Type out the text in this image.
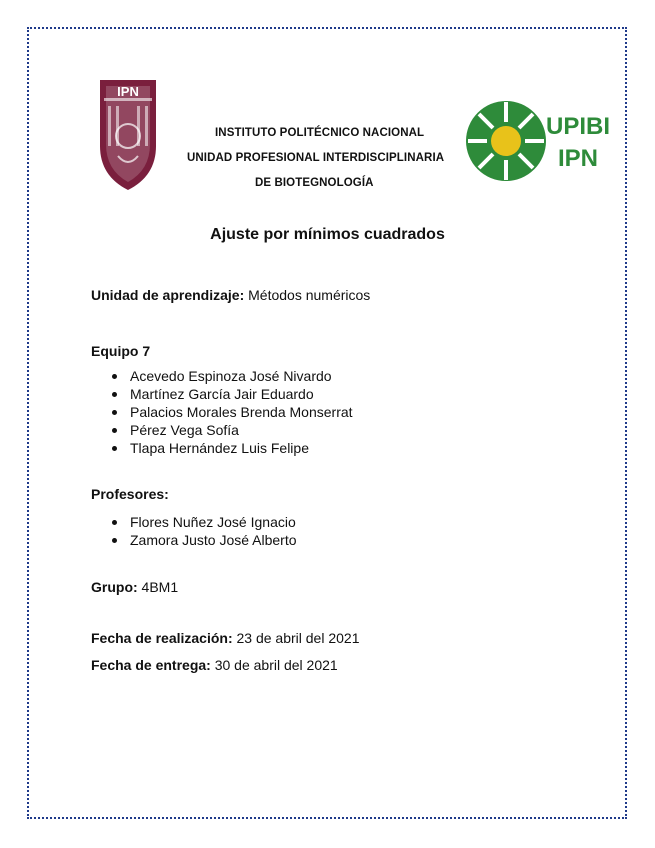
IPN
UPIBI
IPN
INSTITUTO POLITÉCNICO NACIONAL
UNIDAD PROFESIONAL INTERDISCIPLINARIA
DE BIOTEGNOLOGÍA
Ajuste por mínimos cuadrados
Unidad de aprendizaje: Métodos numéricos
Equipo 7
Acevedo Espinoza José Nivardo
Martínez García Jair Eduardo
Palacios Morales Brenda Monserrat
Pérez Vega Sofía
Tlapa Hernández Luis Felipe
Profesores:
Flores Nuñez José Ignacio
Zamora Justo José Alberto
Grupo: 4BM1
Fecha de realización: 23 de abril del 2021
Fecha de entrega: 30 de abril del 2021
